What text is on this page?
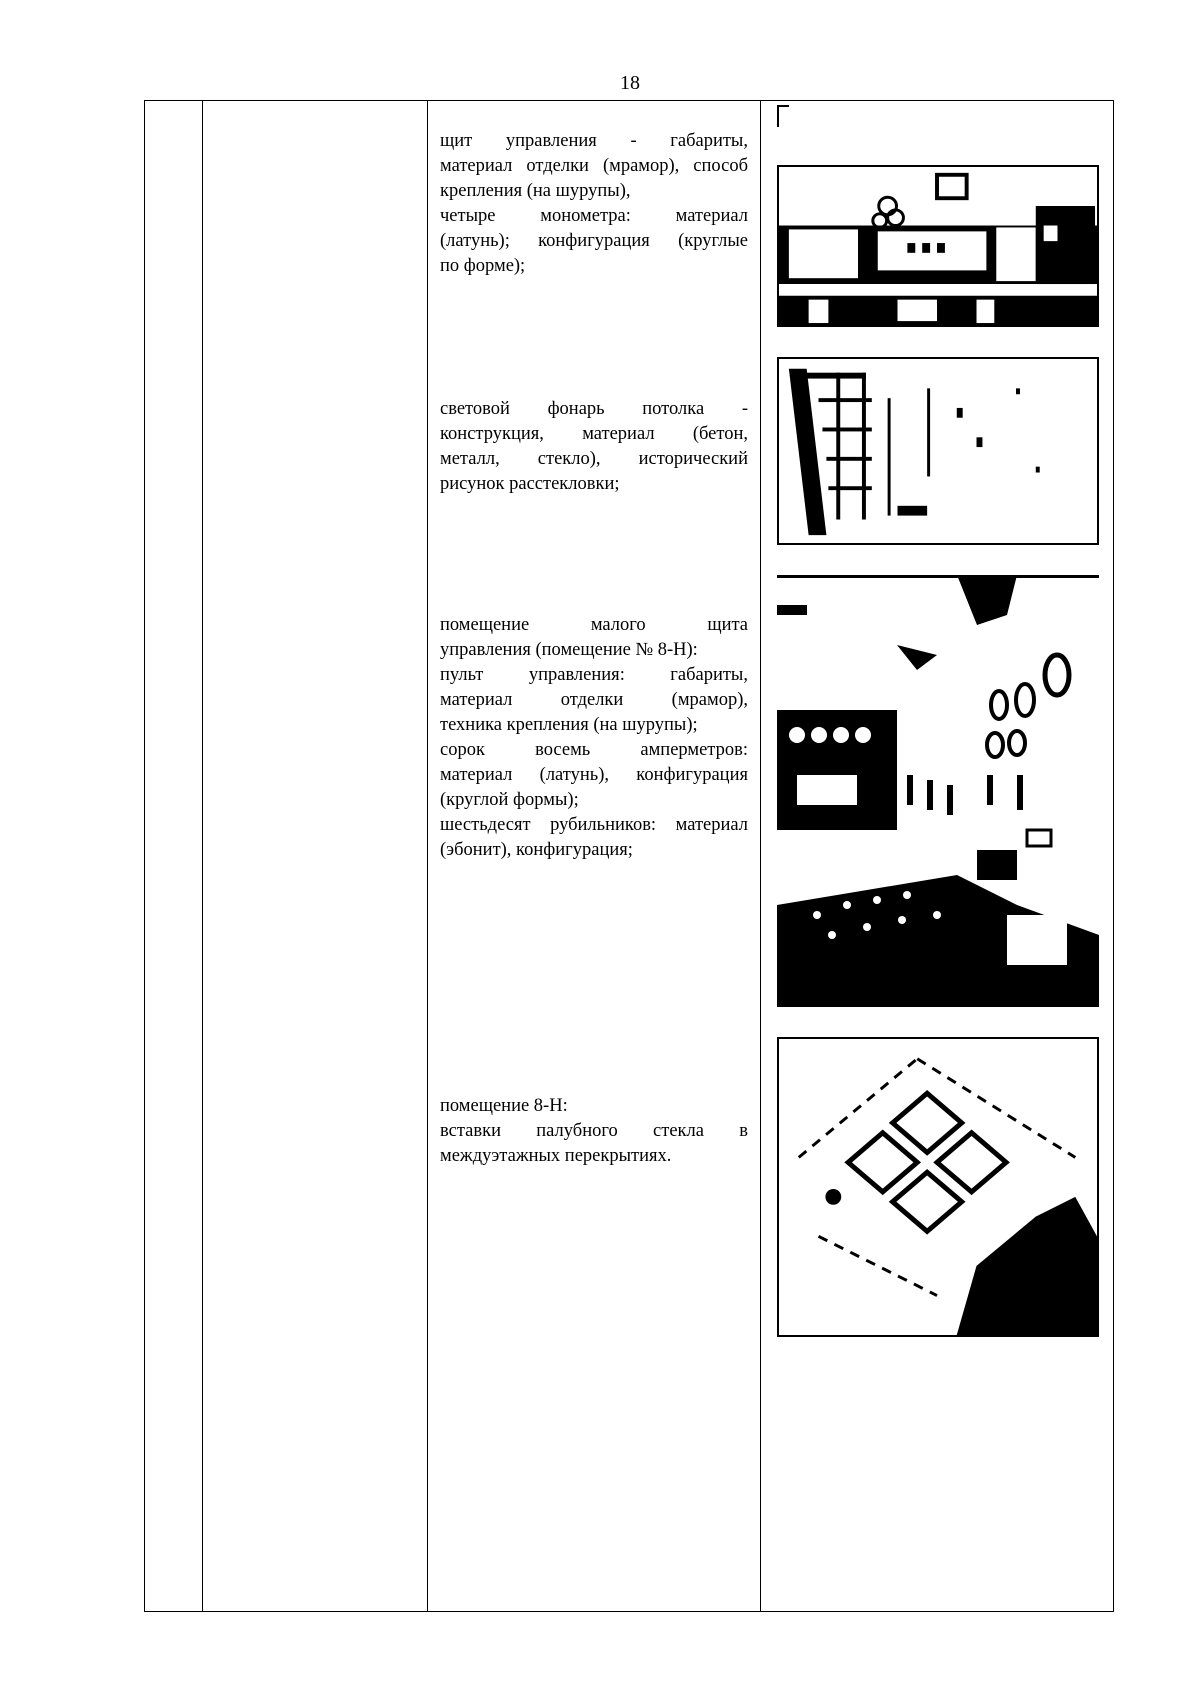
18

щит управления - габариты,

материал отделки (мрамор), способ

крепления (на шурупы),

четыре монометра: материал

(латунь); конфигурация (круглые

по форме);

световой фонарь потолка -

конструкция, материал (бетон,

металл, стекло), исторический

рисунок расстекловки;

помещение малого щита

управления (помещение № 8-Н):

пульт управления: габариты,

материал отделки (мрамор),

техника крепления (на шурупы);

сорок восемь амперметров:

материал (латунь), конфигурация

(круглой формы);

шестьдесят рубильников: материал

(эбонит), конфигурация;

помещение 8-Н:

вставки палубного стекла в

междуэтажных перекрытиях.
